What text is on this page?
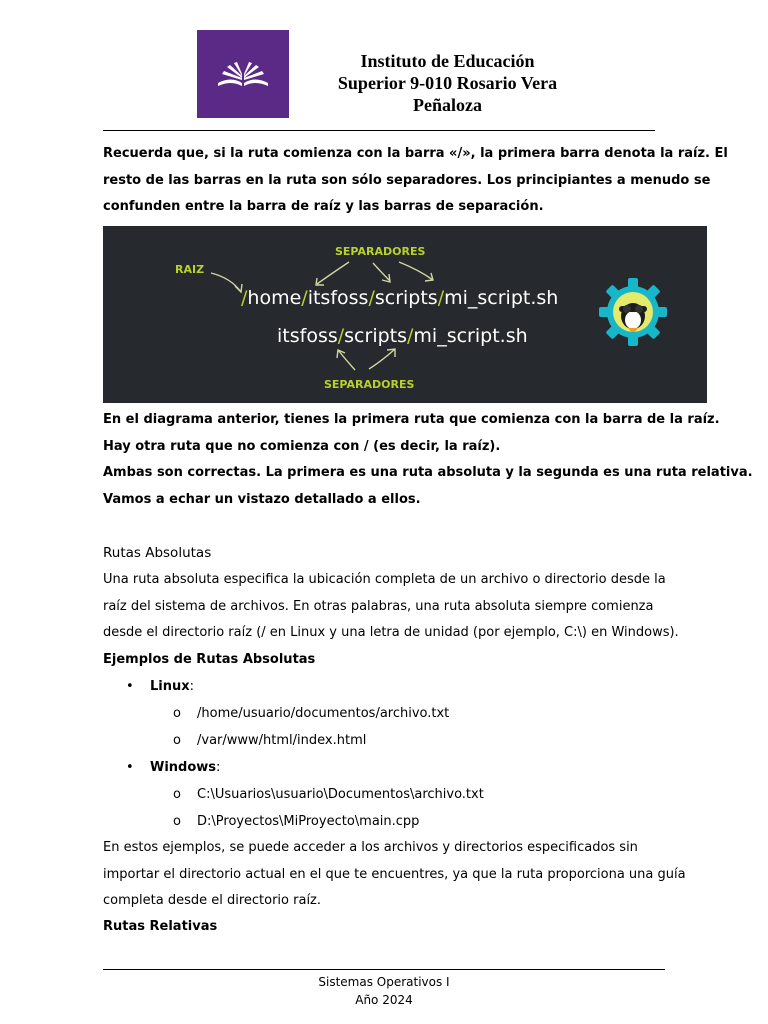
Instituto de Educación
Superior 9-010 Rosario Vera
Peñaloza
Recuerda que, si la ruta comienza con la barra «/», la primera barra denota la raíz. El
resto de las barras en la ruta son sólo separadores. Los principiantes a menudo se
confunden entre la barra de raíz y las barras de separación.
RAIZ
SEPARADORES
SEPARADORES
/home/itsfoss/scripts/mi_script.sh
itsfoss/scripts/mi_script.sh
En el diagrama anterior, tienes la primera ruta que comienza con la barra de la raíz.
Hay otra ruta que no comienza con / (es decir, la raíz).
Ambas son correctas. La primera es una ruta absoluta y la segunda es una ruta relativa.
Vamos a echar un vistazo detallado a ellos.
Rutas Absolutas
Una ruta absoluta especifica la ubicación completa de un archivo o directorio desde la
raíz del sistema de archivos. En otras palabras, una ruta absoluta siempre comienza
desde el directorio raíz (/ en Linux y una letra de unidad (por ejemplo, C:\) en Windows).
Ejemplos de Rutas Absolutas
• Linux:
o /home/usuario/documentos/archivo.txt
o /var/www/html/index.html
• Windows:
o C:\Usuarios\usuario\Documentos\archivo.txt
o D:\Proyectos\MiProyecto\main.cpp
En estos ejemplos, se puede acceder a los archivos y directorios especificados sin
importar el directorio actual en el que te encuentres, ya que la ruta proporciona una guía
completa desde el directorio raíz.
Rutas Relativas
Sistemas Operativos I
Año 2024
